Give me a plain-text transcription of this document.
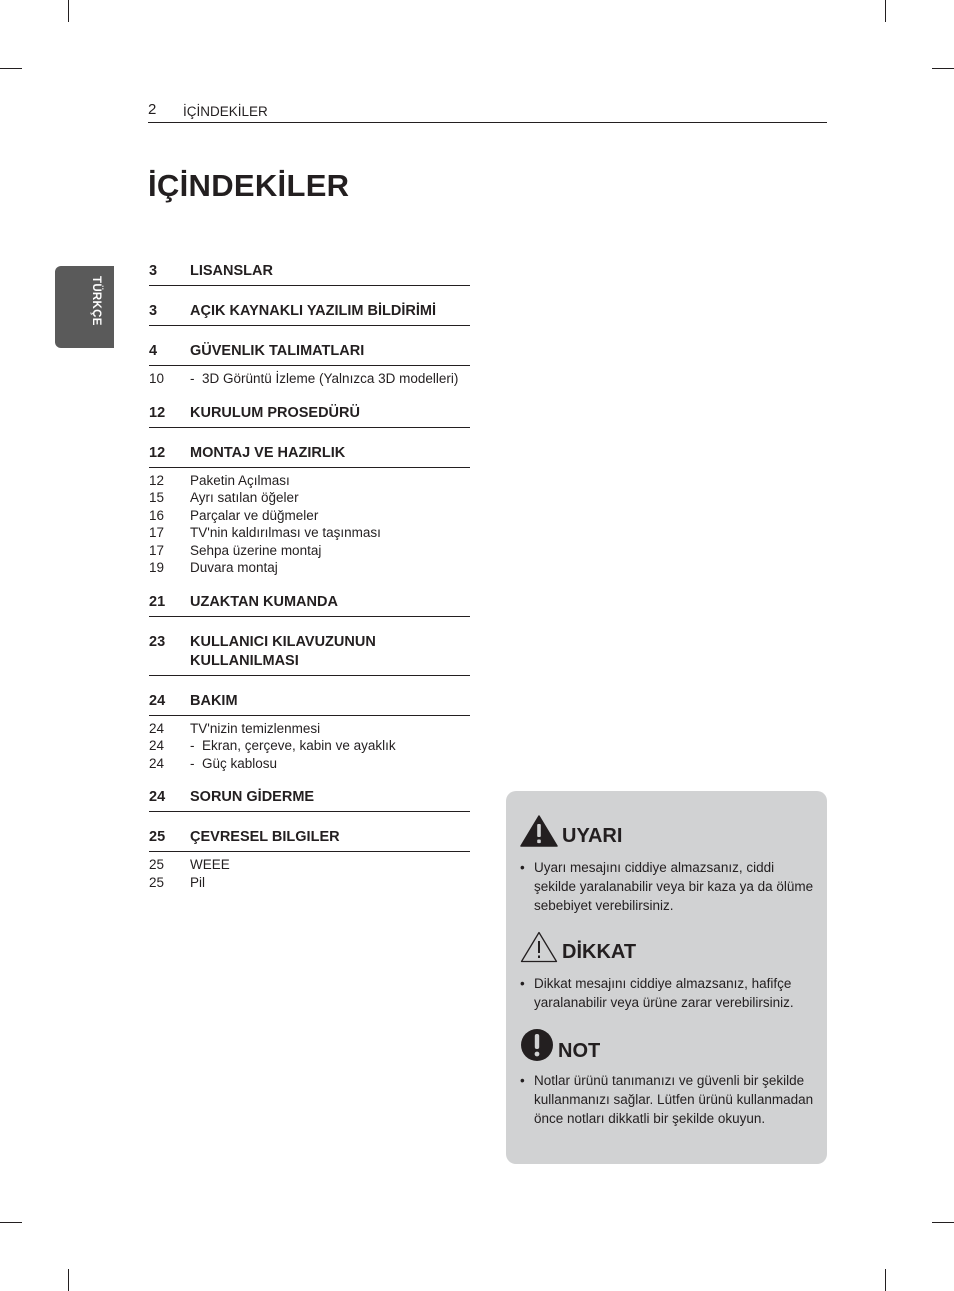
2 İÇİNDEKİLER
İÇİNDEKİLER
TÜRKÇE
3	LISANSLAR
3	AÇIK KAYNAKLI YAZILIM BİLDİRİMİ
4	GÜVENLIK TALIMATLARI
10	-  3D Görüntü İzleme (Yalnızca 3D modelleri)
12	KURULUM PROSEDÜRÜ
12	MONTAJ VE HAZIRLIK
12	Paketin Açılması
15	Ayrı satılan öğeler
16	Parçalar ve düğmeler
17	TV'nin kaldırılması ve taşınması
17	Sehpa üzerine montaj
19	Duvara montaj
21	UZAKTAN KUMANDA
23	KULLANICI KILAVUZUNUN KULLANILMASI
24	BAKIM
24	TV'nizin temizlenmesi
24	-  Ekran, çerçeve, kabin ve ayaklık
24	-  Güç kablosu
24	SORUN GİDERME
25	ÇEVRESEL BILGILER
25	WEEE
25	Pil
UYARI
• Uyarı mesajını ciddiye almazsanız, ciddi şekilde yaralanabilir veya bir kaza ya da ölüme sebebiyet verebilirsiniz.
DİKKAT
• Dikkat mesajını ciddiye almazsanız, hafifçe yaralanabilir veya ürüne zarar verebilirsiniz.
NOT
• Notlar ürünü tanımanızı ve güvenli bir şekilde kullanmanızı sağlar. Lütfen ürünü kullanmadan önce notları dikkatli bir şekilde okuyun.
